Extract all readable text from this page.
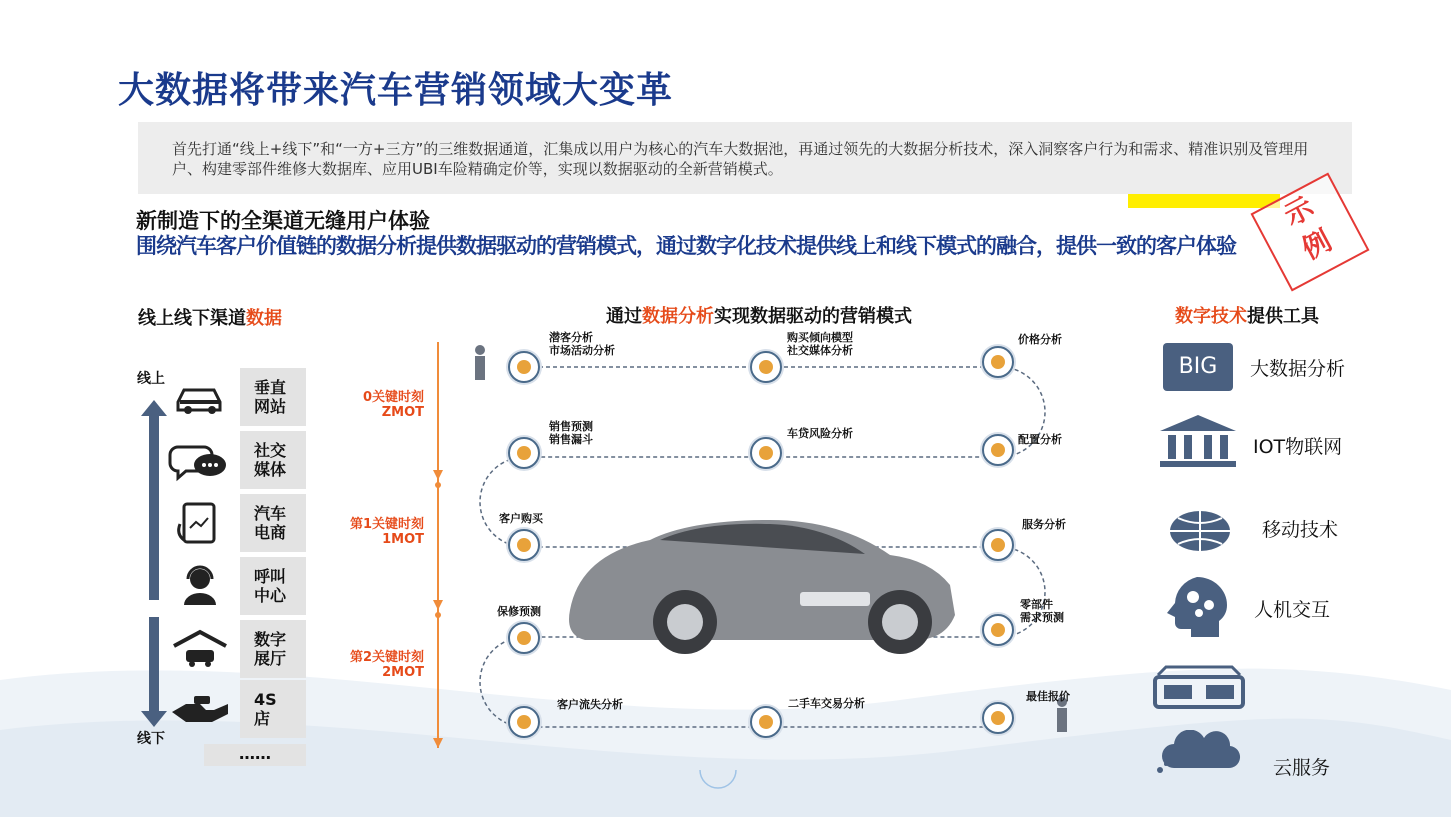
大数据将带来汽车营销领域大变革
首先打通“线上+线下”和“一方+三方”的三维数据通道，汇集成以用户为核心的汽车大数据池，再通过领先的大数据分析技术，深入洞察客户行为和需求、精准识别及管理用户、构建零部件维修大数据库、应用UBI车险精确定价等，实现以数据驱动的全新营销模式。
示
例
新制造下的全渠道无缝用户体验
围绕汽车客户价值链的数据分析提供数据驱动的营销模式，通过数字化技术提供线上和线下模式的融合，提供一致的客户体验
线上线下渠道数据	通过数据分析实现数据驱动的营销模式	数字技术提供工具
线上
线下
垂直网站
社交媒体
汽车电商
呼叫中心
数字展厅
4S店
……
0关键时刻
ZMOT
第1关键时刻
1MOT
第2关键时刻
2MOT
潜客分析
市场活动分析
购买倾向模型
社交媒体分析
价格分析
销售预测
销售漏斗	车贷风险分析	配置分析
客户购买	服务分析
保修预测
零部件
需求预测
客户流失分析	二手车交易分析
最佳报价
BIG	大数据分析
IOT物联网
移动技术
人机交互
云服务
